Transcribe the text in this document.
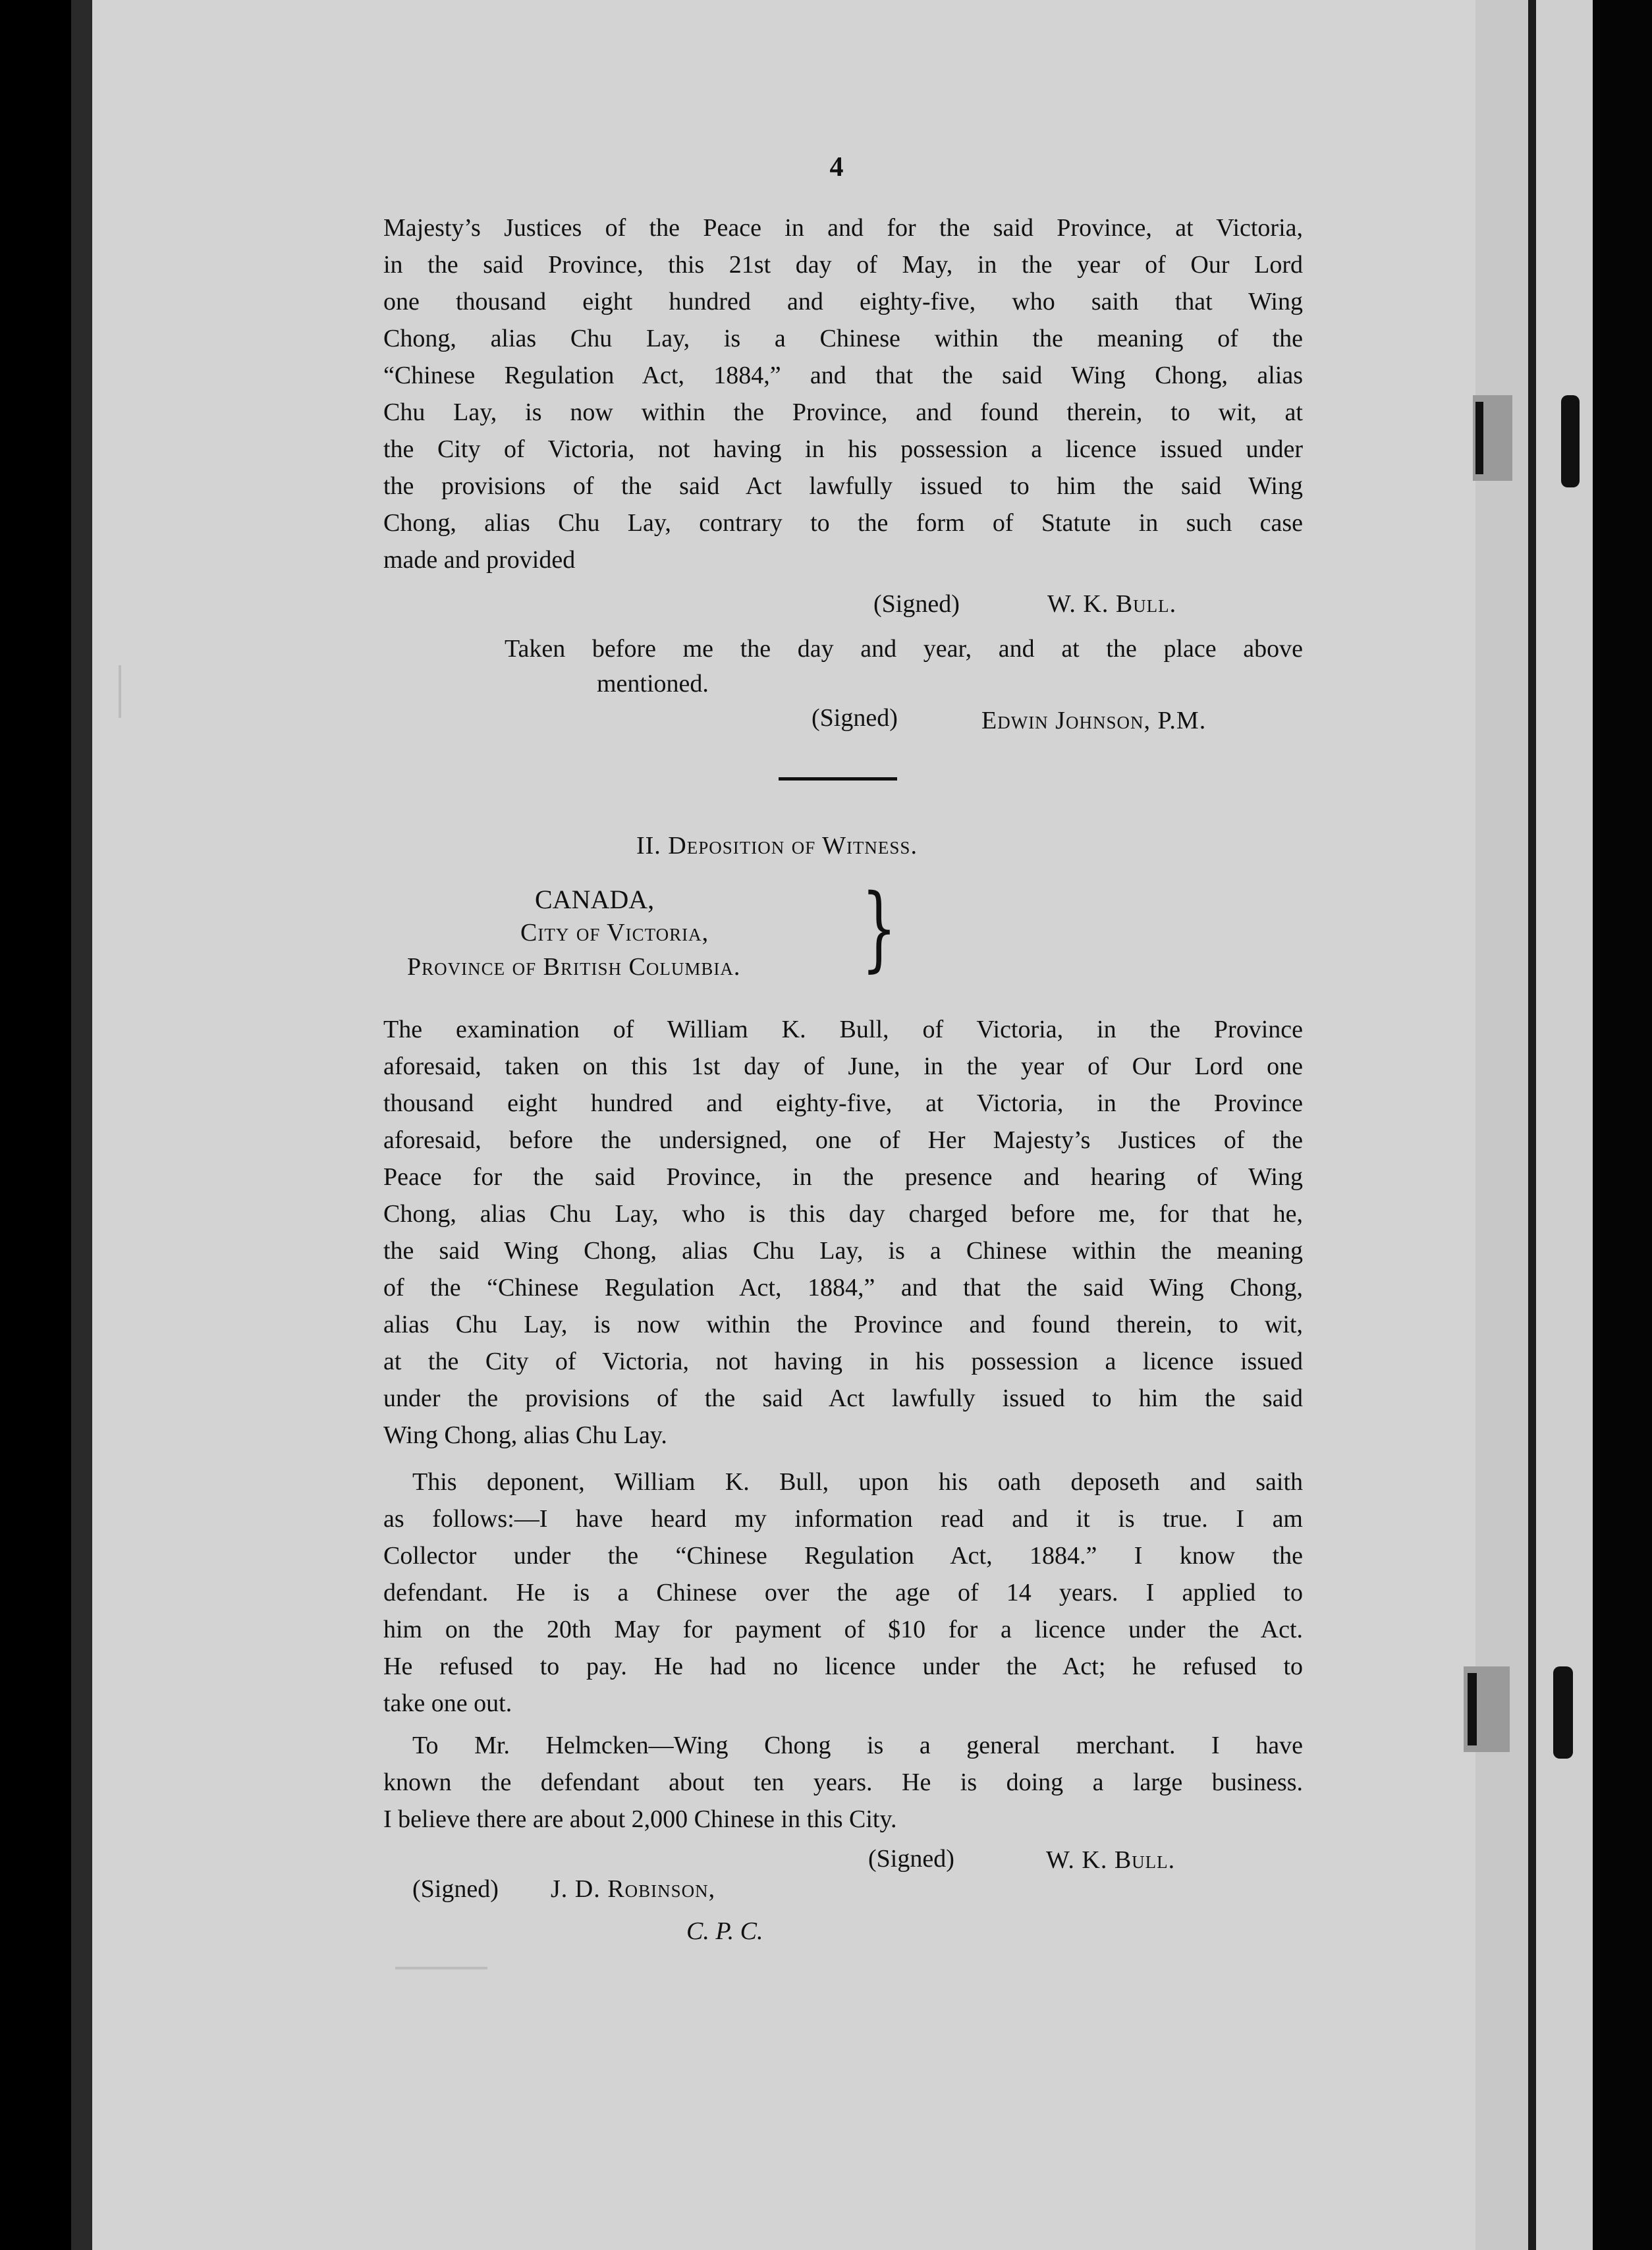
4
Majesty’s Justices of the Peace in and for the said Province, at Victoria,
in the said Province, this 21st day of May, in the year of Our Lord
one thousand eight hundred and eighty-five, who saith that Wing
Chong, alias Chu Lay, is a Chinese within the meaning of the
“Chinese Regulation Act, 1884,” and that the said Wing Chong, alias
Chu Lay, is now within the Province, and found therein, to wit, at
the City of Victoria, not having in his possession a licence issued under
the provisions of the said Act lawfully issued to him the said Wing
Chong, alias Chu Lay, contrary to the form of Statute in such case
made and provided
(Signed)	W. K. Bull.
Taken before me the day and year, and at the place above
mentioned.
(Signed)	Edwin Johnson, P.M.
II. Deposition of Witness.
CANADA,
City of Victoria,
Province of British Columbia. }
The examination of William K. Bull, of Victoria, in the Province
aforesaid, taken on this 1st day of June, in the year of Our Lord one
thousand eight hundred and eighty-five, at Victoria, in the Province
aforesaid, before the undersigned, one of Her Majesty’s Justices of the
Peace for the said Province, in the presence and hearing of Wing
Chong, alias Chu Lay, who is this day charged before me, for that he,
the said Wing Chong, alias Chu Lay, is a Chinese within the meaning
of the “Chinese Regulation Act, 1884,” and that the said Wing Chong,
alias Chu Lay, is now within the Province and found therein, to wit,
at the City of Victoria, not having in his possession a licence issued
under the provisions of the said Act lawfully issued to him the said
Wing Chong, alias Chu Lay.
This deponent, William K. Bull, upon his oath deposeth and saith
as follows:—I have heard my information read and it is true. I am
Collector under the “Chinese Regulation Act, 1884.” I know the
defendant. He is a Chinese over the age of 14 years. I applied to
him on the 20th May for payment of $10 for a licence under the Act.
He refused to pay. He had no licence under the Act; he refused to
take one out.
To Mr. Helmcken—Wing Chong is a general merchant. I have
known the defendant about ten years. He is doing a large business.
I believe there are about 2,000 Chinese in this City.
(Signed)	W. K. Bull.
(Signed) J. D. Robinson,
C. P. C.
